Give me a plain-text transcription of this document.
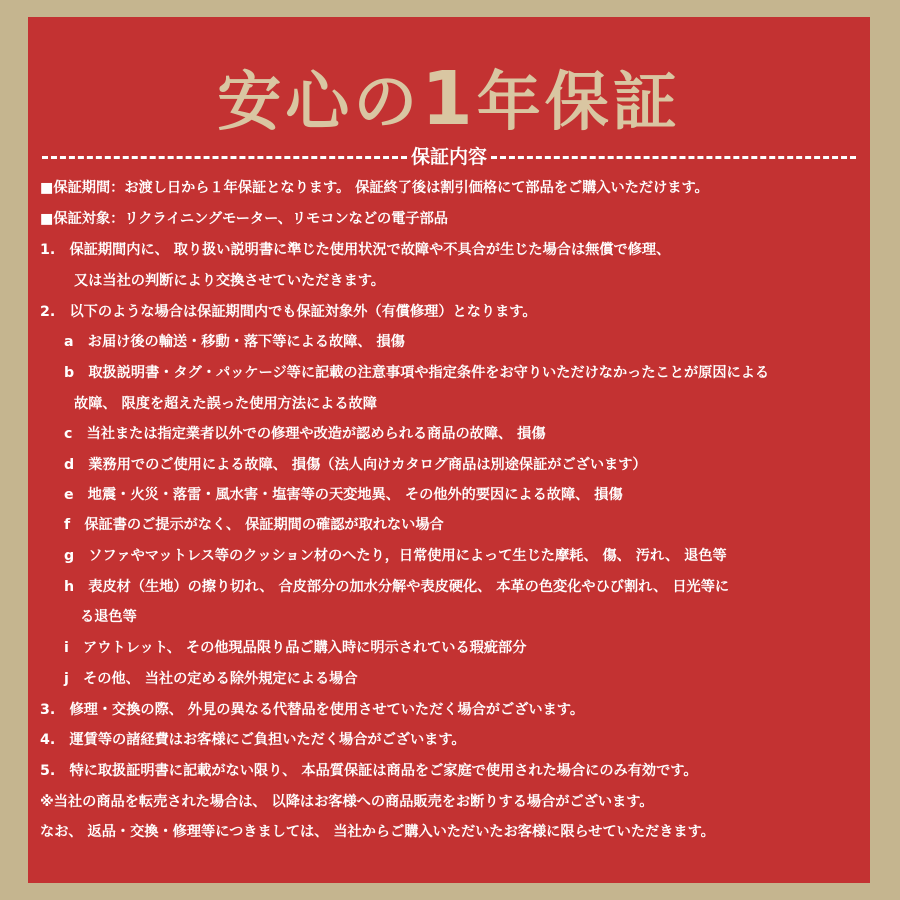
安心の1年保証
保証内容
■保証期間：お渡し日から１年保証となります。 保証終了後は割引価格にて部品をご購入いただけます。
■保証対象：リクライニングモーター、リモコンなどの電子部品
1.　保証期間内に、 取り扱い説明書に準じた使用状況で故障や不具合が生じた場合は無償で修理、
又は当社の判断により交換させていただきます。
2.　以下のような場合は保証期間内でも保証対象外（有償修理）となります。
a　お届け後の輸送・移動・落下等による故障、 損傷
b　取扱説明書・タグ・パッケージ等に記載の注意事項や指定条件をお守りいただけなかったことが原因による
故障、 限度を超えた誤った使用方法による故障
c　当社または指定業者以外での修理や改造が認められる商品の故障、 損傷
d　業務用でのご使用による故障、 損傷（法人向けカタログ商品は別途保証がございます）
e　地震・火災・落雷・風水害・塩害等の天変地異、 その他外的要因による故障、 損傷
f　保証書のご提示がなく、 保証期間の確認が取れない場合
g　ソファやマットレス等のクッション材のへたり，日常使用によって生じた摩耗、 傷、 汚れ、 退色等
h　表皮材（生地）の擦り切れ、 合皮部分の加水分解や表皮硬化、 本革の色変化やひび割れ、 日光等に
る退色等
i　アウトレット、 その他現品限り品ご購入時に明示されている瑕疵部分
j　その他、 当社の定める除外規定による場合
3.　修理・交換の際、 外見の異なる代替品を使用させていただく場合がございます。
4.　運賃等の諸経費はお客様にご負担いただく場合がございます。
5.　特に取扱証明書に記載がない限り、 本品質保証は商品をご家庭で使用された場合にのみ有効です。
※当社の商品を転売された場合は、 以降はお客様への商品販売をお断りする場合がございます。
なお、 返品・交換・修理等につきましては、 当社からご購入いただいたお客様に限らせていただきます。
